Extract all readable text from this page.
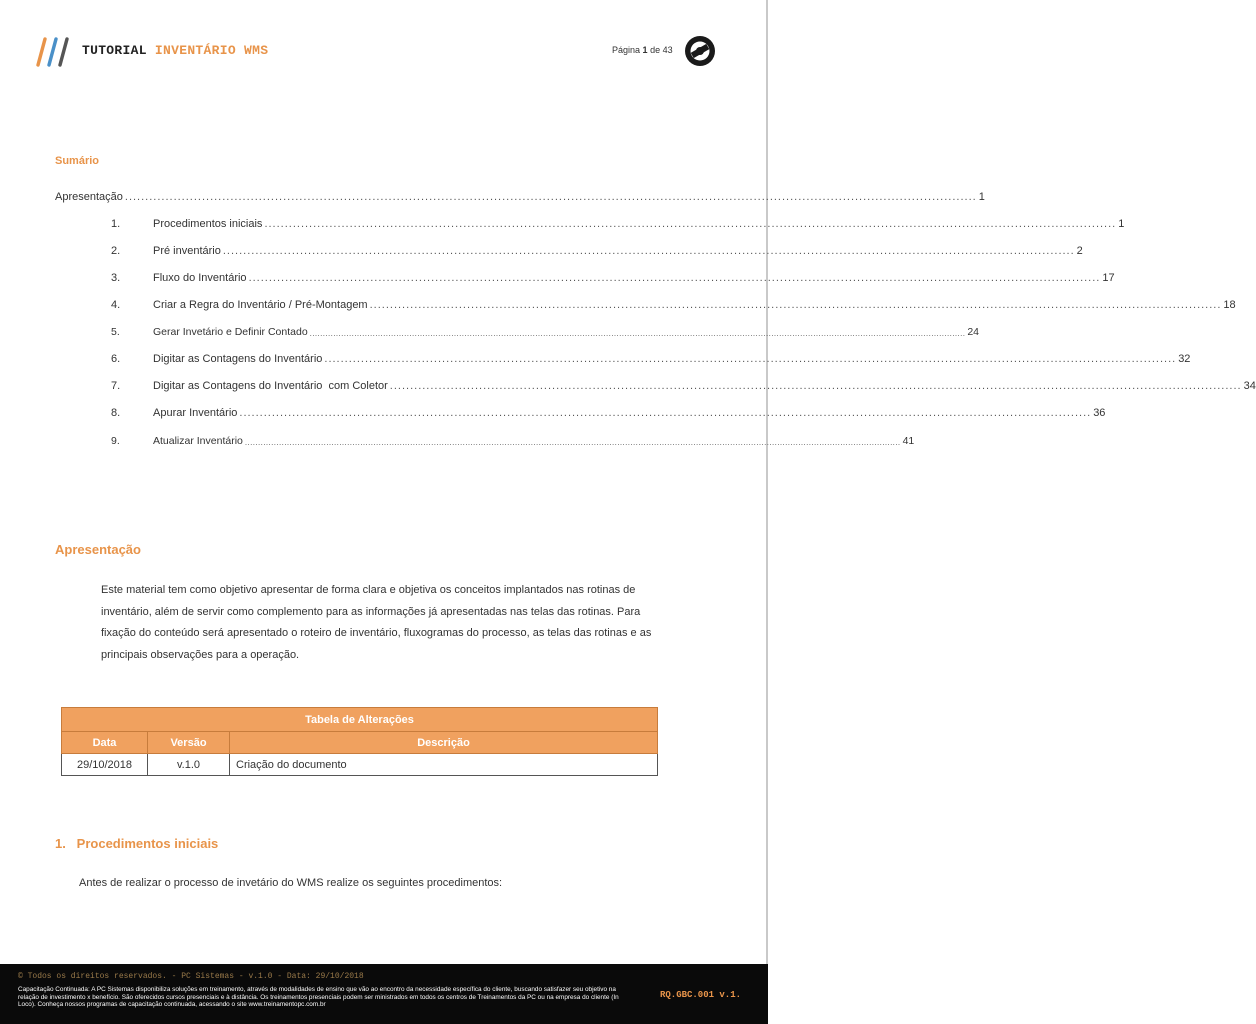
TUTORIAL INVENTÁRIO WMS	Página 1 de 43
Sumário
Apresentação .................................................................................................................................................................................................................. 1
1.	Procedimentos iniciais .................................................................................................................................................................................................................. 1
2.	Pré inventário .................................................................................................................................................................................................................. 2
3.	Fluxo do Inventário .................................................................................................................................................................................................................. 17
4.	Criar a Regra do Inventário / Pré-Montagem .................................................................................................................................................................................................................. 18
5.	Gerar Invetário e Definir Contado .......................................................................................................................................................................................................................................................... 24
6.	Digitar as Contagens do Inventário .................................................................................................................................................................................................................. 32
7.	Digitar as Contagens do Inventário  com Coletor .................................................................................................................................................................................................................. 34
8.	Apurar Inventário .................................................................................................................................................................................................................. 36
9.	Atualizar Inventário .......................................................................................................................................................................................................................................................... 41
Apresentação
Este material tem como objetivo apresentar de forma clara e objetiva os conceitos implantados nas rotinas de inventário, além de servir como complemento para as informações já apresentadas nas telas das rotinas. Para fixação do conteúdo será apresentado o roteiro de inventário, fluxogramas do processo, as telas das rotinas e as principais observações para a operação.
Tabela de Alterações		
Data	Versão	Descrição
29/10/2018	v.1.0	Criação do documento
1.   Procedimentos iniciais
Antes de realizar o processo de invetário do WMS realize os seguintes procedimentos:
© Todos os direitos reservados. - PC Sistemas - v.1.0 - Data: 29/10/2018
Capacitação Continuada: A PC Sistemas disponibiliza soluções em treinamento, através de modalidades de ensino que vão ao encontro da necessidade específica do cliente, buscando satisfazer seu objetivo na relação de investimento x benefício. São oferecidos cursos presenciais e à distância. Os treinamentos presenciais podem ser ministrados em todos os centros de Treinamentos da PC ou na empresa do cliente (In Loco). Conheça nossos programas de capacitação continuada, acessando o site www.treinamentopc.com.br
RQ.GBC.001 v.1.
